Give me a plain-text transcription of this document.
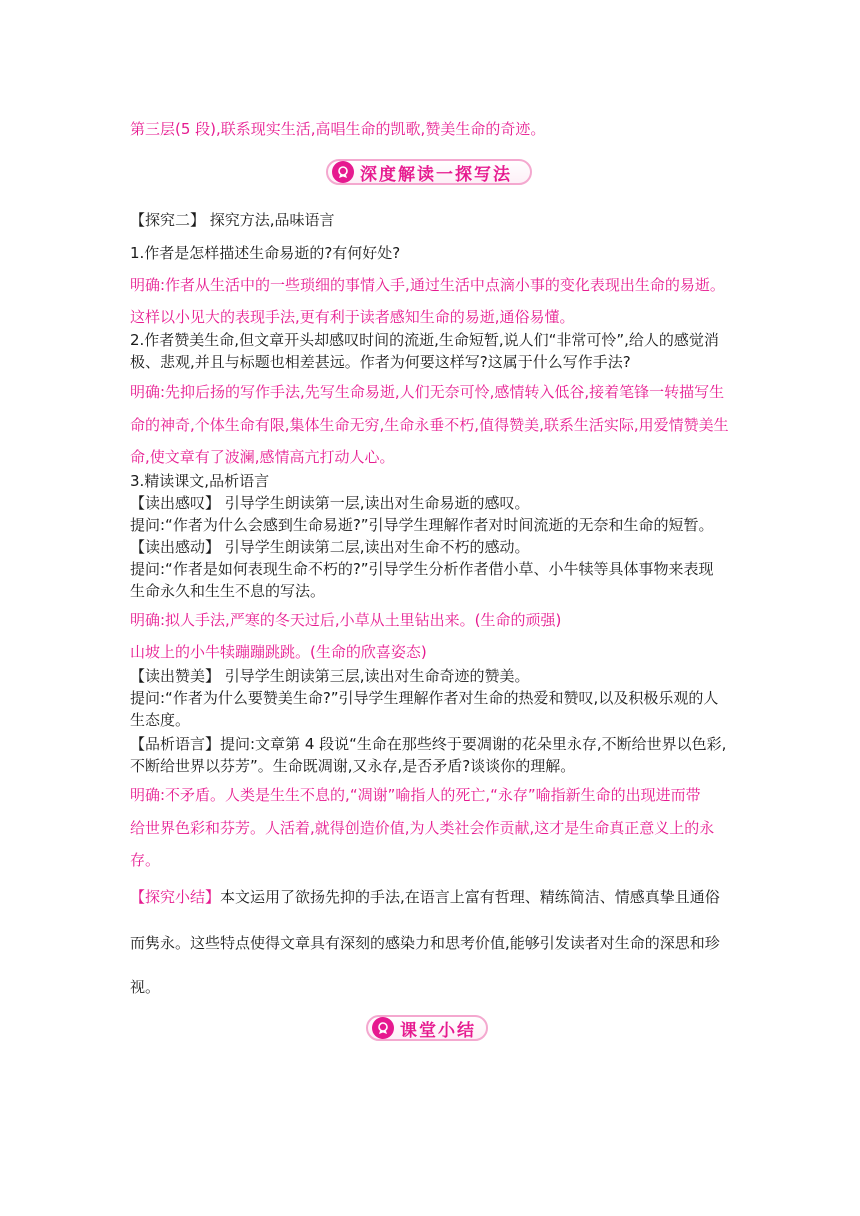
第三层(5 段),联系现实生活,高唱生命的凯歌,赞美生命的奇迹。
深度解读一探写法
【探究二】 探究方法,品味语言
1.作者是怎样描述生命易逝的?有何好处?
明确:作者从生活中的一些琐细的事情入手,通过生活中点滴小事的变化表现出生命的易逝。
这样以小见大的表现手法,更有利于读者感知生命的易逝,通俗易懂。
2.作者赞美生命,但文章开头却感叹时间的流逝,生命短暂,说人们“非常可怜”,给人的感觉消
极、悲观,并且与标题也相差甚远。作者为何要这样写?这属于什么写作手法?
明确:先抑后扬的写作手法,先写生命易逝,人们无奈可怜,感情转入低谷,接着笔锋一转描写生
命的神奇,个体生命有限,集体生命无穷,生命永垂不朽,值得赞美,联系生活实际,用爱情赞美生
命,使文章有了波澜,感情高亢打动人心。
3.精读课文,品析语言
【读出感叹】 引导学生朗读第一层,读出对生命易逝的感叹。
提问:“作者为什么会感到生命易逝?”引导学生理解作者对时间流逝的无奈和生命的短暂。
【读出感动】 引导学生朗读第二层,读出对生命不朽的感动。
提问:“作者是如何表现生命不朽的?”引导学生分析作者借小草、小牛犊等具体事物来表现
生命永久和生生不息的写法。
明确:拟人手法,严寒的冬天过后,小草从土里钻出来。(生命的顽强)
山坡上的小牛犊蹦蹦跳跳。(生命的欣喜姿态)
【读出赞美】 引导学生朗读第三层,读出对生命奇迹的赞美。
提问:“作者为什么要赞美生命?”引导学生理解作者对生命的热爱和赞叹,以及积极乐观的人
生态度。
【品析语言】提问:文章第 4 段说“生命在那些终于要凋谢的花朵里永存,不断给世界以色彩,
不断给世界以芬芳”。生命既凋谢,又永存,是否矛盾?谈谈你的理解。
明确:不矛盾。人类是生生不息的,“凋谢”喻指人的死亡,“永存”喻指新生命的出现进而带
给世界色彩和芬芳。人活着,就得创造价值,为人类社会作贡献,这才是生命真正意义上的永
存。
【探究小结】本文运用了欲扬先抑的手法,在语言上富有哲理、精练简洁、情感真挚且通俗
而隽永。这些特点使得文章具有深刻的感染力和思考价值,能够引发读者对生命的深思和珍
视。
课堂小结
